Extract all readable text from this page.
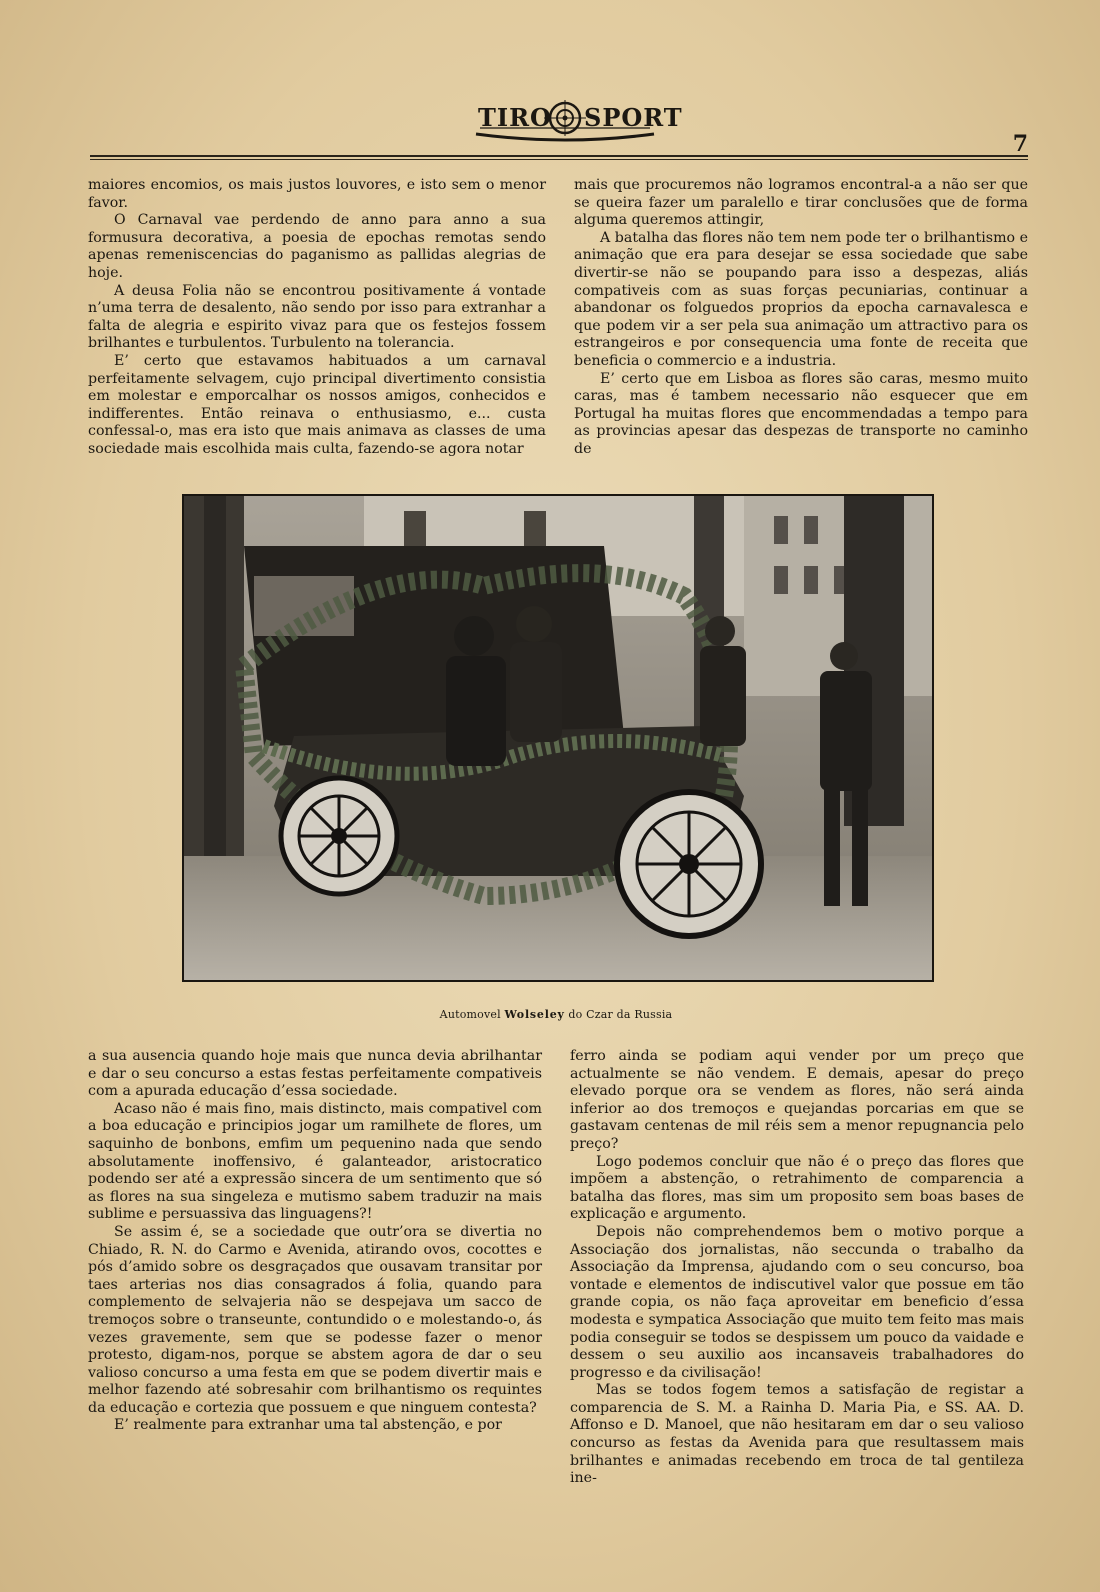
TIRO SPORT
7

maiores encomios, os mais justos louvores, e isto sem o menor favor.

O Carnaval vae perdendo de anno para anno a sua formusura decorativa, a poesia de epochas remotas sendo apenas remeniscencias do paganismo as pallidas alegrias de hoje.

A deusa Folia não se encontrou positivamente á vontade n’uma terra de desalento, não sendo por isso para extranhar a falta de alegria e espirito vivaz para que os festejos fossem brilhantes e turbulentos. Turbulento na tolerancia.

E’ certo que estavamos habituados a um carnaval perfeitamente selvagem, cujo principal divertimento consistia em molestar e emporcalhar os nossos amigos, conhecidos e indifferentes. Então reinava o enthusiasmo, e... custa confessal-o, mas era isto que mais animava as classes de uma sociedade mais escolhida mais culta, fazendo-se agora notar

mais que procuremos não logramos encontral-a a não ser que se queira fazer um paralello e tirar conclusões que de forma alguma queremos attingir,

A batalha das flores não tem nem pode ter o brilhantismo e animação que era para desejar se essa sociedade que sabe divertir-se não se poupando para isso a despezas, aliás compativeis com as suas forças pecuniarias, continuar a abandonar os folguedos proprios da epocha carnavalesca e que podem vir a ser pela sua animação um attractivo para os estrangeiros e por consequencia uma fonte de receita que beneficia o commercio e a industria.

E’ certo que em Lisboa as flores são caras, mesmo muito caras, mas é tambem necessario não esquecer que em Portugal ha muitas flores que encommendadas a tempo para as provincias apesar das despezas de transporte no caminho de

Automovel Wolseley do Czar da Russia

a sua ausencia quando hoje mais que nunca devia abrilhantar e dar o seu concurso a estas festas perfeitamente compativeis com a apurada educação d’essa sociedade.

Acaso não é mais fino, mais distincto, mais compativel com a boa educação e principios jogar um ramilhete de flores, um saquinho de bonbons, emfim um pequenino nada que sendo absolutamente inoffensivo, é galanteador, aristocratico podendo ser até a expressão sincera de um sentimento que só as flores na sua singeleza e mutismo sabem traduzir na mais sublime e persuassiva das linguagens?!

Se assim é, se a sociedade que outr’ora se divertia no Chiado, R. N. do Carmo e Avenida, atirando ovos, cocottes e pós d’amido sobre os desgraçados que ousavam transitar por taes arterias nos dias consagrados á folia, quando para complemento de selvajeria não se despejava um sacco de tremoços sobre o transeunte, contundido o e molestando-o, ás vezes gravemente, sem que se podesse fazer o menor protesto, digam-nos, porque se abstem agora de dar o seu valioso concurso a uma festa em que se podem divertir mais e melhor fazendo até sobresahir com brilhantismo os requintes da educação e cortezia que possuem e que ninguem contesta?

E’ realmente para extranhar uma tal abstenção, e por

ferro ainda se podiam aqui vender por um preço que actualmente se não vendem. E demais, apesar do preço elevado porque ora se vendem as flores, não será ainda inferior ao dos tremoços e quejandas porcarias em que se gastavam centenas de mil réis sem a menor repugnancia pelo preço?

Logo podemos concluir que não é o preço das flores que impõem a abstenção, o retrahimento de comparencia a batalha das flores, mas sim um proposito sem boas bases de explicação e argumento.

Depois não comprehendemos bem o motivo porque a Associação dos jornalistas, não seccunda o trabalho da Associação da Imprensa, ajudando com o seu concurso, boa vontade e elementos de indiscutivel valor que possue em tão grande copia, os não faça aproveitar em beneficio d’essa modesta e sympatica Associação que muito tem feito mas mais podia conseguir se todos se despissem um pouco da vaidade e dessem o seu auxilio aos incansaveis trabalhadores do progresso e da civilisação!

Mas se todos fogem temos a satisfação de registar a comparencia de S. M. a Rainha D. Maria Pia, e SS. AA. D. Affonso e D. Manoel, que não hesitaram em dar o seu valioso concurso as festas da Avenida para que resultassem mais brilhantes e animadas recebendo em troca de tal gentileza ine-
